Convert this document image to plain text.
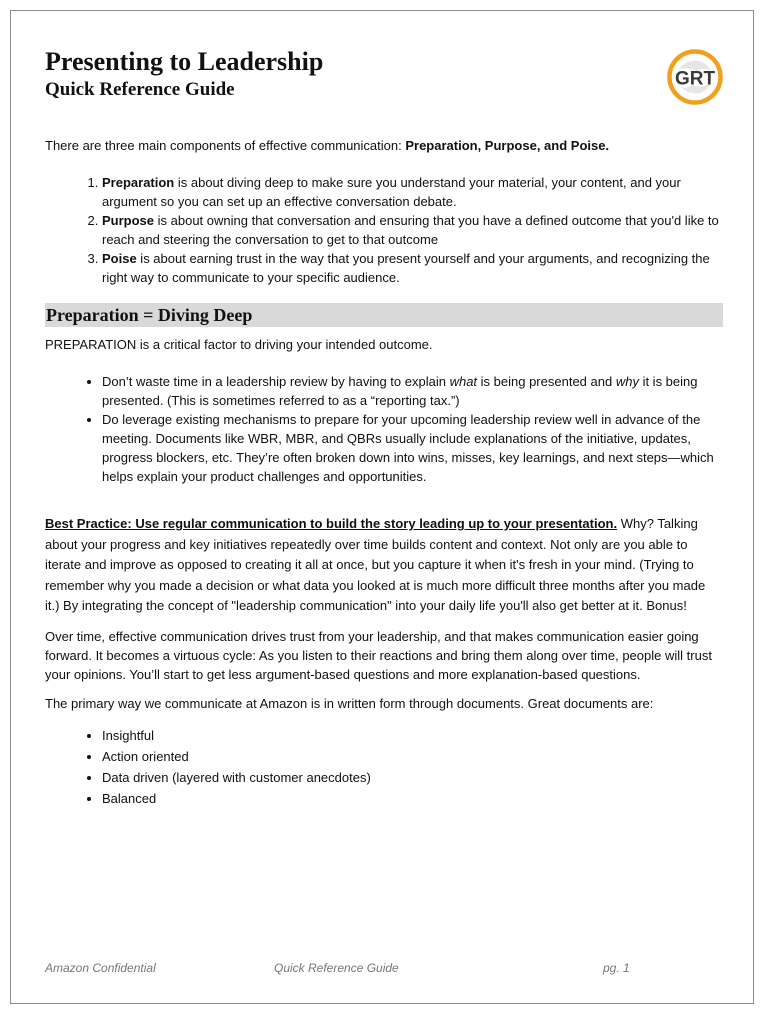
Presenting to Leadership
Quick Reference Guide	GRT

There are three main components of effective communication: Preparation, Purpose, and Poise.

1. Preparation is about diving deep to make sure you understand your material, your content, and your argument so you can set up an effective conversation debate.
2. Purpose is about owning that conversation and ensuring that you have a defined outcome that you'd like to reach and steering the conversation to get to that outcome
3. Poise is about earning trust in the way that you present yourself and your arguments, and recognizing the right way to communicate to your specific audience.
Preparation = Diving Deep

PREPARATION is a critical factor to driving your intended outcome.

• Don’t waste time in a leadership review by having to explain what is being presented and why it is being presented. (This is sometimes referred to as a “reporting tax.”)
• Do leverage existing mechanisms to prepare for your upcoming leadership review well in advance of the meeting. Documents like WBR, MBR, and QBRs usually include explanations of the initiative, updates, progress blockers, etc. They’re often broken down into wins, misses, key learnings, and next steps—which helps explain your product challenges and opportunities.

Best Practice: Use regular communication to build the story leading up to your presentation. Why? Talking about your progress and key initiatives repeatedly over time builds content and context. Not only are you able to iterate and improve as opposed to creating it all at once, but you capture it when it's fresh in your mind. (Trying to remember why you made a decision or what data you looked at is much more difficult three months after you made it.) By integrating the concept of "leadership communication" into your daily life you'll also get better at it. Bonus!

Over time, effective communication drives trust from your leadership, and that makes communication easier going forward. It becomes a virtuous cycle: As you listen to their reactions and bring them along over time, people will trust your opinions. You’ll start to get less argument-based questions and more explanation-based questions.

The primary way we communicate at Amazon is in written form through documents. Great documents are:

• Insightful
• Action oriented
• Data driven (layered with customer anecdotes)
• Balanced
Amazon Confidential	Quick Reference Guide	pg. 1
